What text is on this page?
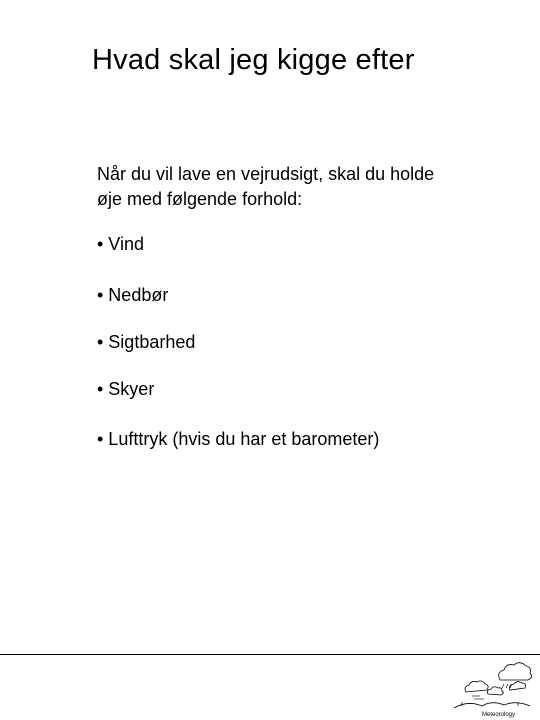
Hvad skal jeg kigge efter

Når du vil lave en vejrudsigt, skal du holde øje med følgende forhold:

• Vind
• Nedbør
• Sigtbarhed
• Skyer
• Lufttryk (hvis du har et barometer)
Meteorology
